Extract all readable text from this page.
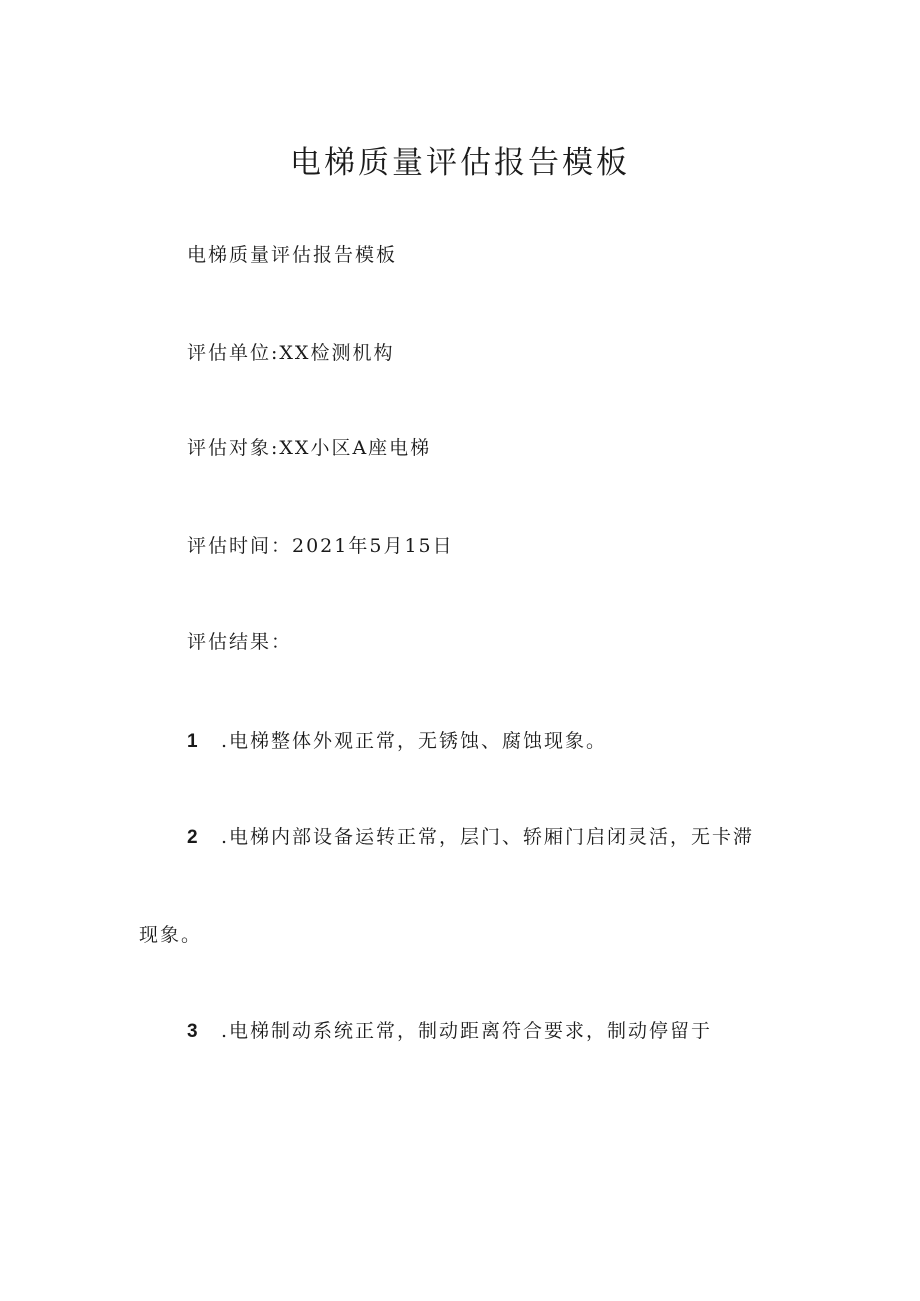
电梯质量评估报告模板

电梯质量评估报告模板

评估单位:XX检测机构

评估对象:XX小区A座电梯

评估时间：2021年5月15日

评估结果：

1 .电梯整体外观正常，无锈蚀、腐蚀现象。

2 .电梯内部设备运转正常，层门、轿厢门启闭灵活，无卡滞

现象。

3 .电梯制动系统正常，制动距离符合要求，制动停留于
